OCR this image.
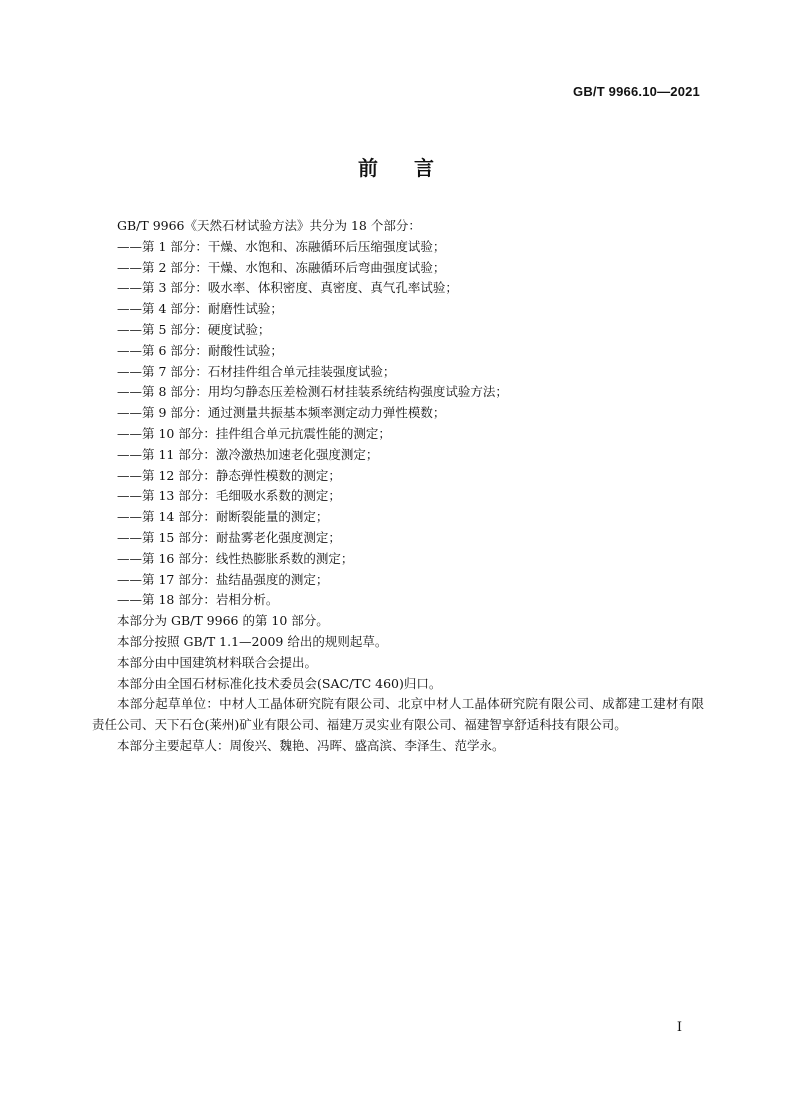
GB/T 9966.10—2021
前言

GB/T 9966《天然石材试验方法》共分为 18 个部分：

——第 1 部分：干燥、水饱和、冻融循环后压缩强度试验；

——第 2 部分：干燥、水饱和、冻融循环后弯曲强度试验；

——第 3 部分：吸水率、体积密度、真密度、真气孔率试验；

——第 4 部分：耐磨性试验；

——第 5 部分：硬度试验；

——第 6 部分：耐酸性试验；

——第 7 部分：石材挂件组合单元挂装强度试验；

——第 8 部分：用均匀静态压差检测石材挂装系统结构强度试验方法；

——第 9 部分：通过测量共振基本频率测定动力弹性模数；

——第 10 部分：挂件组合单元抗震性能的测定；

——第 11 部分：激冷激热加速老化强度测定；

——第 12 部分：静态弹性模数的测定；

——第 13 部分：毛细吸水系数的测定；

——第 14 部分：耐断裂能量的测定；

——第 15 部分：耐盐雾老化强度测定；

——第 16 部分：线性热膨胀系数的测定；

——第 17 部分：盐结晶强度的测定；

——第 18 部分：岩相分析。

本部分为 GB/T 9966 的第 10 部分。

本部分按照 GB/T 1.1—2009 给出的规则起草。

本部分由中国建筑材料联合会提出。

本部分由全国石材标准化技术委员会(SAC/TC 460)归口。

本部分起草单位：中材人工晶体研究院有限公司、北京中材人工晶体研究院有限公司、成都建工建材有限责任公司、天下石仓(莱州)矿业有限公司、福建万灵实业有限公司、福建智享舒适科技有限公司。

本部分主要起草人：周俊兴、魏艳、冯晖、盛高滨、李泽生、范学永。

I
